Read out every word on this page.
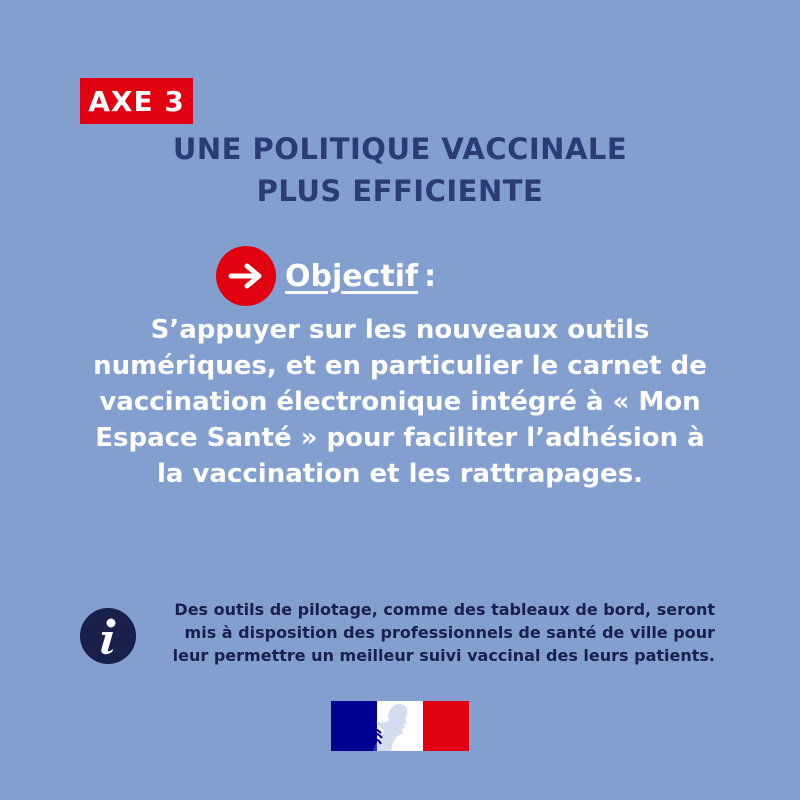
AXE 3
UNE POLITIQUE VACCINALE
PLUS EFFICIENTE
Objectif :
S’appuyer sur les nouveaux outils
numériques, et en particulier le carnet de
vaccination électronique intégré à « Mon
Espace Santé » pour faciliter l’adhésion à
la vaccination et les rattrapages.
Des outils de pilotage, comme des tableaux de bord, seront
mis à disposition des professionnels de santé de ville pour
leur permettre un meilleur suivi vaccinal des leurs patients.
